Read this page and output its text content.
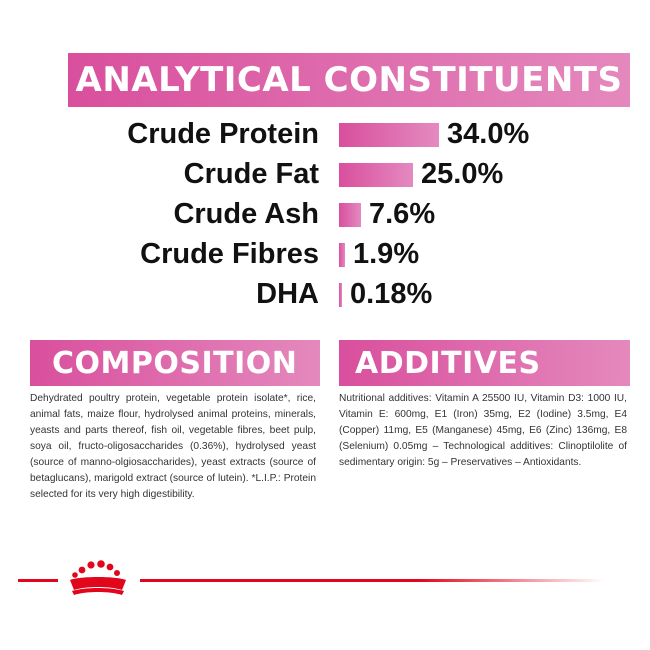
ANALYTICAL CONSTITUENTS
Crude Protein	34.0%
Crude Fat	25.0%
Crude Ash 7.6%
Crude Fibres 1.9%
DHA 0.18%
COMPOSITION ADDITIVES
Dehydrated poultry protein, vegetable protein isolate*, rice, animal fats, maize flour, hydrolysed animal proteins, minerals, yeasts and parts thereof, fish oil, vegetable fibres, beet pulp, soya oil, fructo-oligosaccharides (0.36%), hydrolysed yeast (source of manno-olgiosaccharides), yeast extracts (source of betaglucans), marigold extract (source of lutein). *L.I.P.: Protein selected for its very high digestibility.
Nutritional additives: Vitamin A 25500 IU, Vitamin D3: 1000 IU, Vitamin E: 600mg, E1 (Iron) 35mg, E2 (Iodine) 3.5mg, E4 (Copper) 11mg, E5 (Manganese) 45mg, E6 (Zinc) 136mg, E8 (Selenium) 0.05mg – Technological additives: Clinoptilolite of sedimentary origin: 5g – Preservatives – Antioxidants.
